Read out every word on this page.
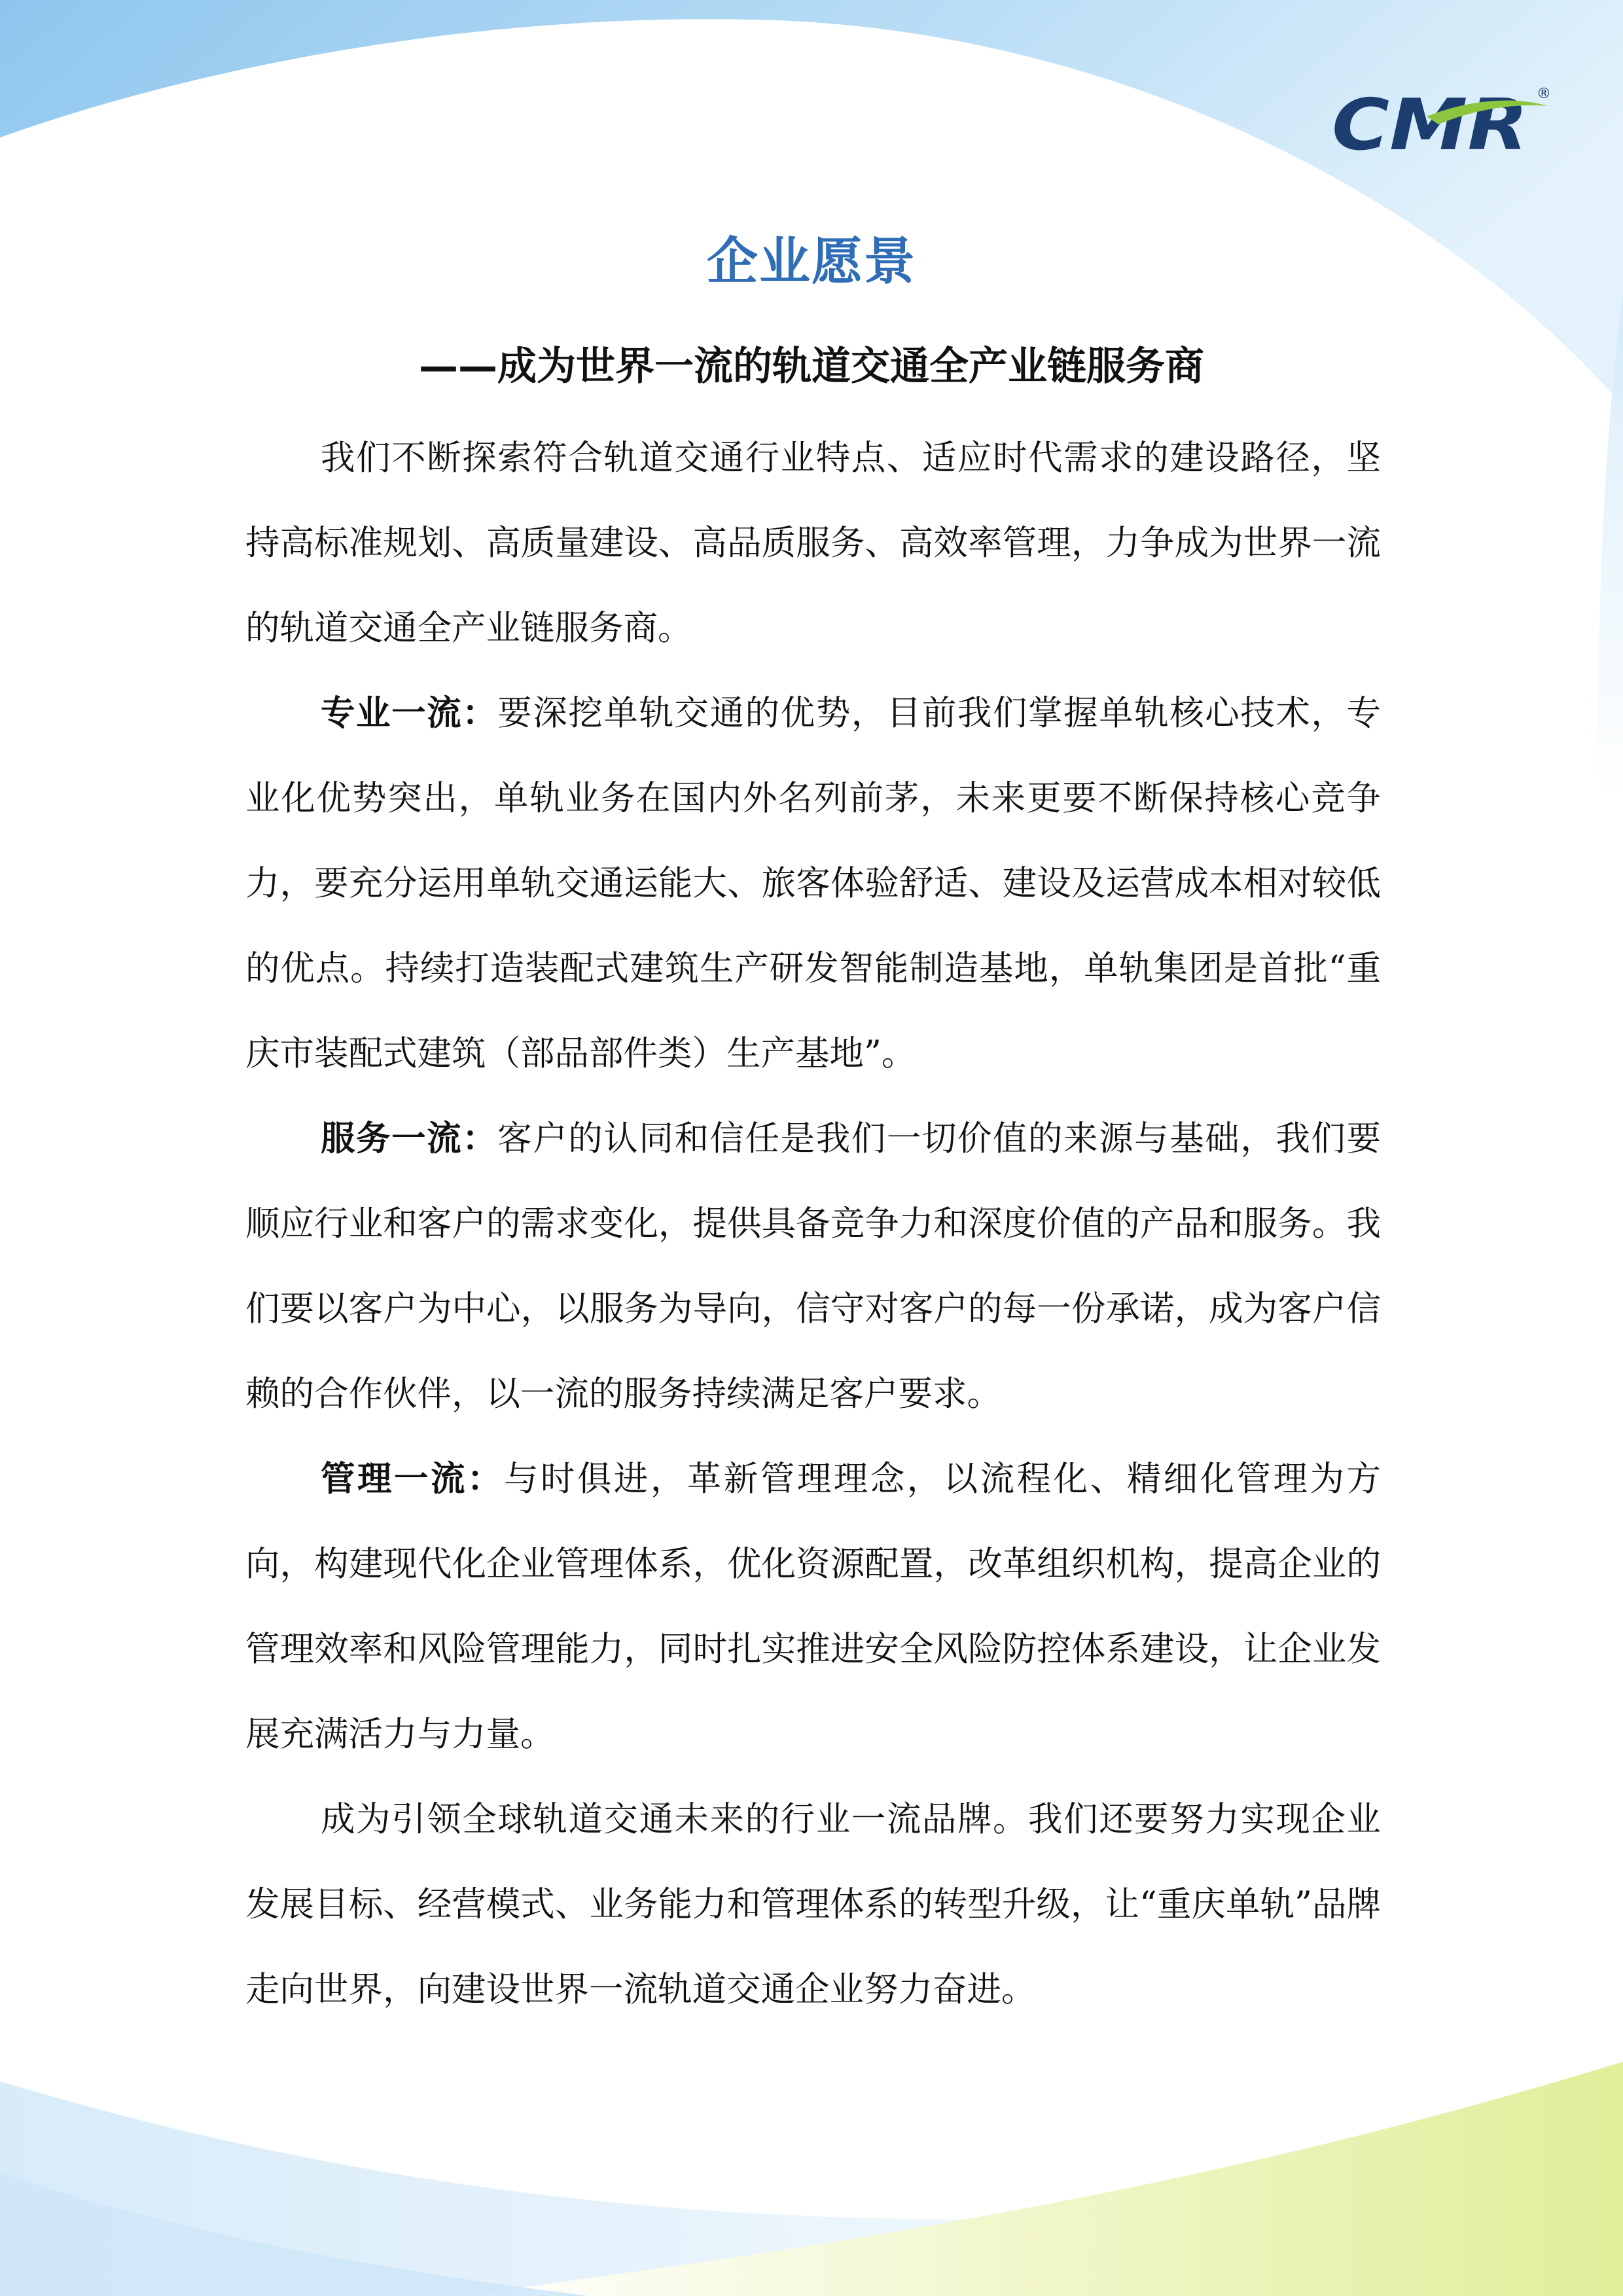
CMR ®
企业愿景
——成为世界一流的轨道交通全产业链服务商

我们不断探索符合轨道交通行业特点、适应时代需求的建设路径，坚持高标准规划、高质量建设、高品质服务、高效率管理，力争成为世界一流的轨道交通全产业链服务商。

专业一流：要深挖单轨交通的优势，目前我们掌握单轨核心技术，专业化优势突出，单轨业务在国内外名列前茅，未来更要不断保持核心竞争力，要充分运用单轨交通运能大、旅客体验舒适、建设及运营成本相对较低的优点。持续打造装配式建筑生产研发智能制造基地，单轨集团是首批“重庆市装配式建筑（部品部件类）生产基地”。

服务一流：客户的认同和信任是我们一切价值的来源与基础，我们要顺应行业和客户的需求变化，提供具备竞争力和深度价值的产品和服务。我们要以客户为中心，以服务为导向，信守对客户的每一份承诺，成为客户信赖的合作伙伴，以一流的服务持续满足客户要求。

管理一流：与时俱进，革新管理理念，以流程化、精细化管理为方向，构建现代化企业管理体系，优化资源配置，改革组织机构，提高企业的管理效率和风险管理能力，同时扎实推进安全风险防控体系建设，让企业发展充满活力与力量。

成为引领全球轨道交通未来的行业一流品牌。我们还要努力实现企业发展目标、经营模式、业务能力和管理体系的转型升级，让“重庆单轨”品牌走向世界，向建设世界一流轨道交通企业努力奋进。
